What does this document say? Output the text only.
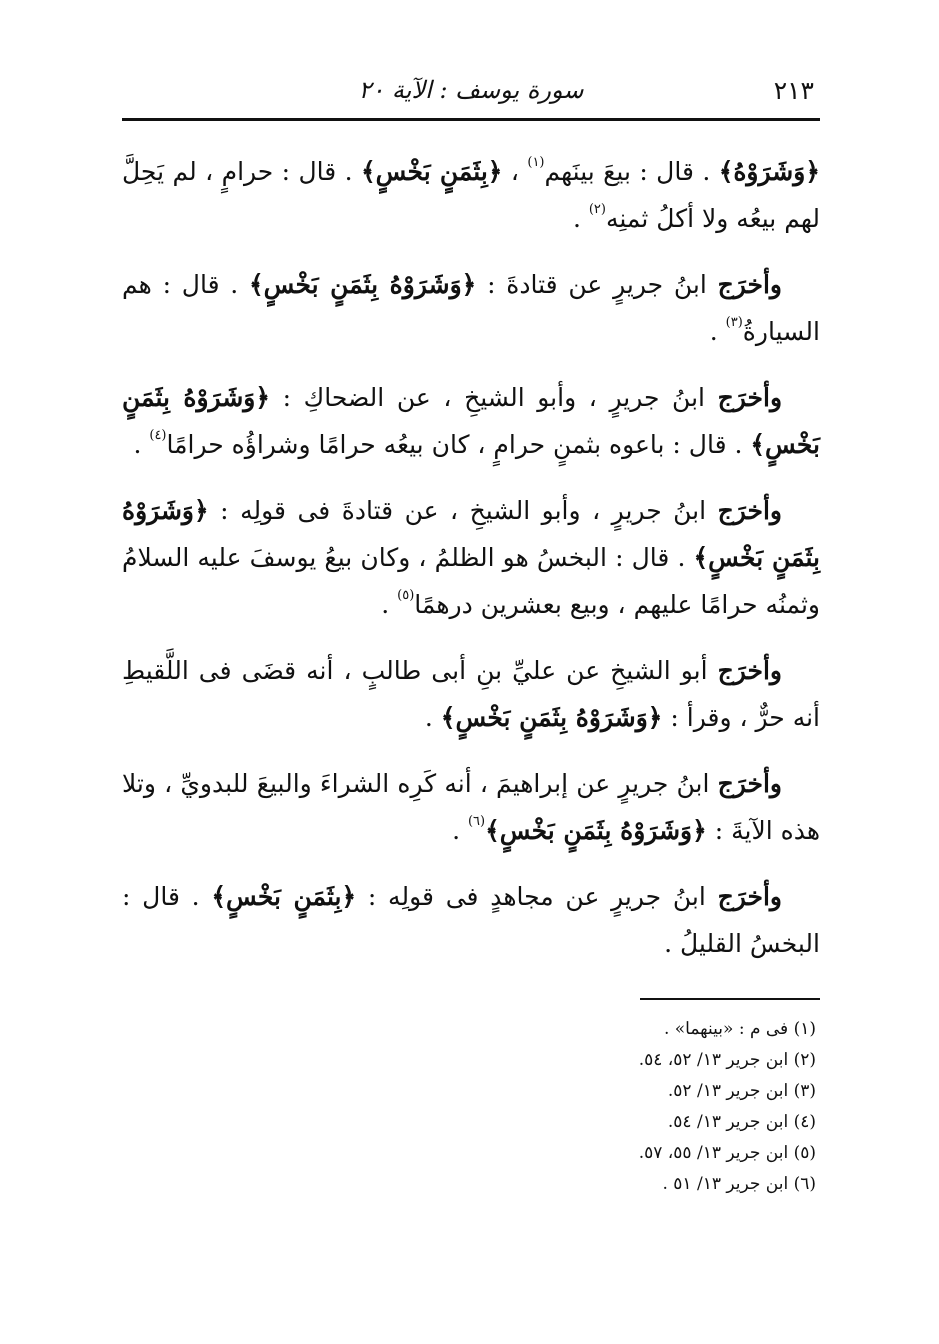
٢١٣
سورة يوسف : الآية ٢٠

﴿وَشَرَوْهُ﴾ . قال : بيعَ بينَهم$^{(١)}$ ، ﴿بِثَمَنٍ بَخْسٍ﴾ . قال : حرامٍ ، لم يَحِلَّ لهم بيعُه ولا أكلُ ثمنِه$^{(٢)}$ .

وأخرَج ابنُ جريرٍ عن قتادةَ : ﴿وَشَرَوْهُ بِثَمَنٍ بَخْسٍ﴾ . قال : هم السيارةُ$^{(٣)}$ .

وأخرَج ابنُ جريرٍ ، وأبو الشيخِ ، عن الضحاكِ : ﴿وَشَرَوْهُ بِثَمَنٍ بَخْسٍ﴾ . قال : باعوه بثمنٍ حرامٍ ، كان بيعُه حرامًا وشراؤُه حرامًا$^{(٤)}$ .

وأخرَج ابنُ جريرٍ ، وأبو الشيخِ ، عن قتادةَ فى قولِه : ﴿وَشَرَوْهُ بِثَمَنٍ بَخْسٍ﴾ . قال : البخسُ هو الظلمُ ، وكان بيعُ يوسفَ عليه السلامُ وثمنُه حرامًا عليهم ، وبيع بعشرين درهمًا$^{(٥)}$ .

وأخرَج أبو الشيخِ عن عليِّ بنِ أبى طالبٍ ، أنه قضَى فى اللَّقيطِ أنه حرٌّ ، وقرأ : ﴿وَشَرَوْهُ بِثَمَنٍ بَخْسٍ﴾ .

وأخرَج ابنُ جريرٍ عن إبراهيمَ ، أنه كَرِه الشراءَ والبيعَ للبدويِّ ، وتلا هذه الآيةَ : ﴿وَشَرَوْهُ بِثَمَنٍ بَخْسٍ﴾$^{(٦)}$ .

وأخرَج ابنُ جريرٍ عن مجاهدٍ فى قولِه : ﴿بِثَمَنٍ بَخْسٍ﴾ . قال : البخسُ القليلُ .

(١) فى م : «بينهما» .
(٢) ابن جرير ١٣/ ٥٢، ٥٤.
(٣) ابن جرير ١٣/ ٥٢.
(٤) ابن جرير ١٣/ ٥٤.
(٥) ابن جرير ١٣/ ٥٥، ٥٧.
(٦) ابن جرير ١٣/ ٥١ .
